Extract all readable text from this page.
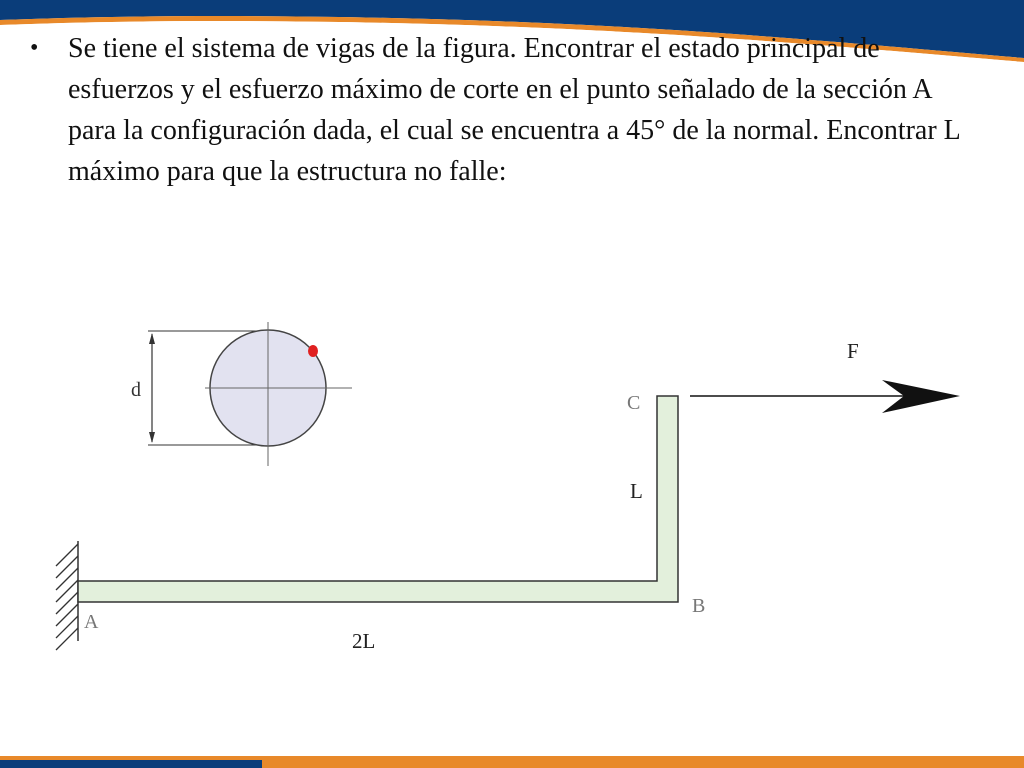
•	Se tiene el sistema de vigas de la figura. Encontrar el estado principal de esfuerzos y el esfuerzo máximo de corte en el punto señalado de la sección A para la configuración dada, el cual se encuentra a 45° de la normal. Encontrar L máximo para que la estructura no falle:
d
F
C
L
B
A
2L
